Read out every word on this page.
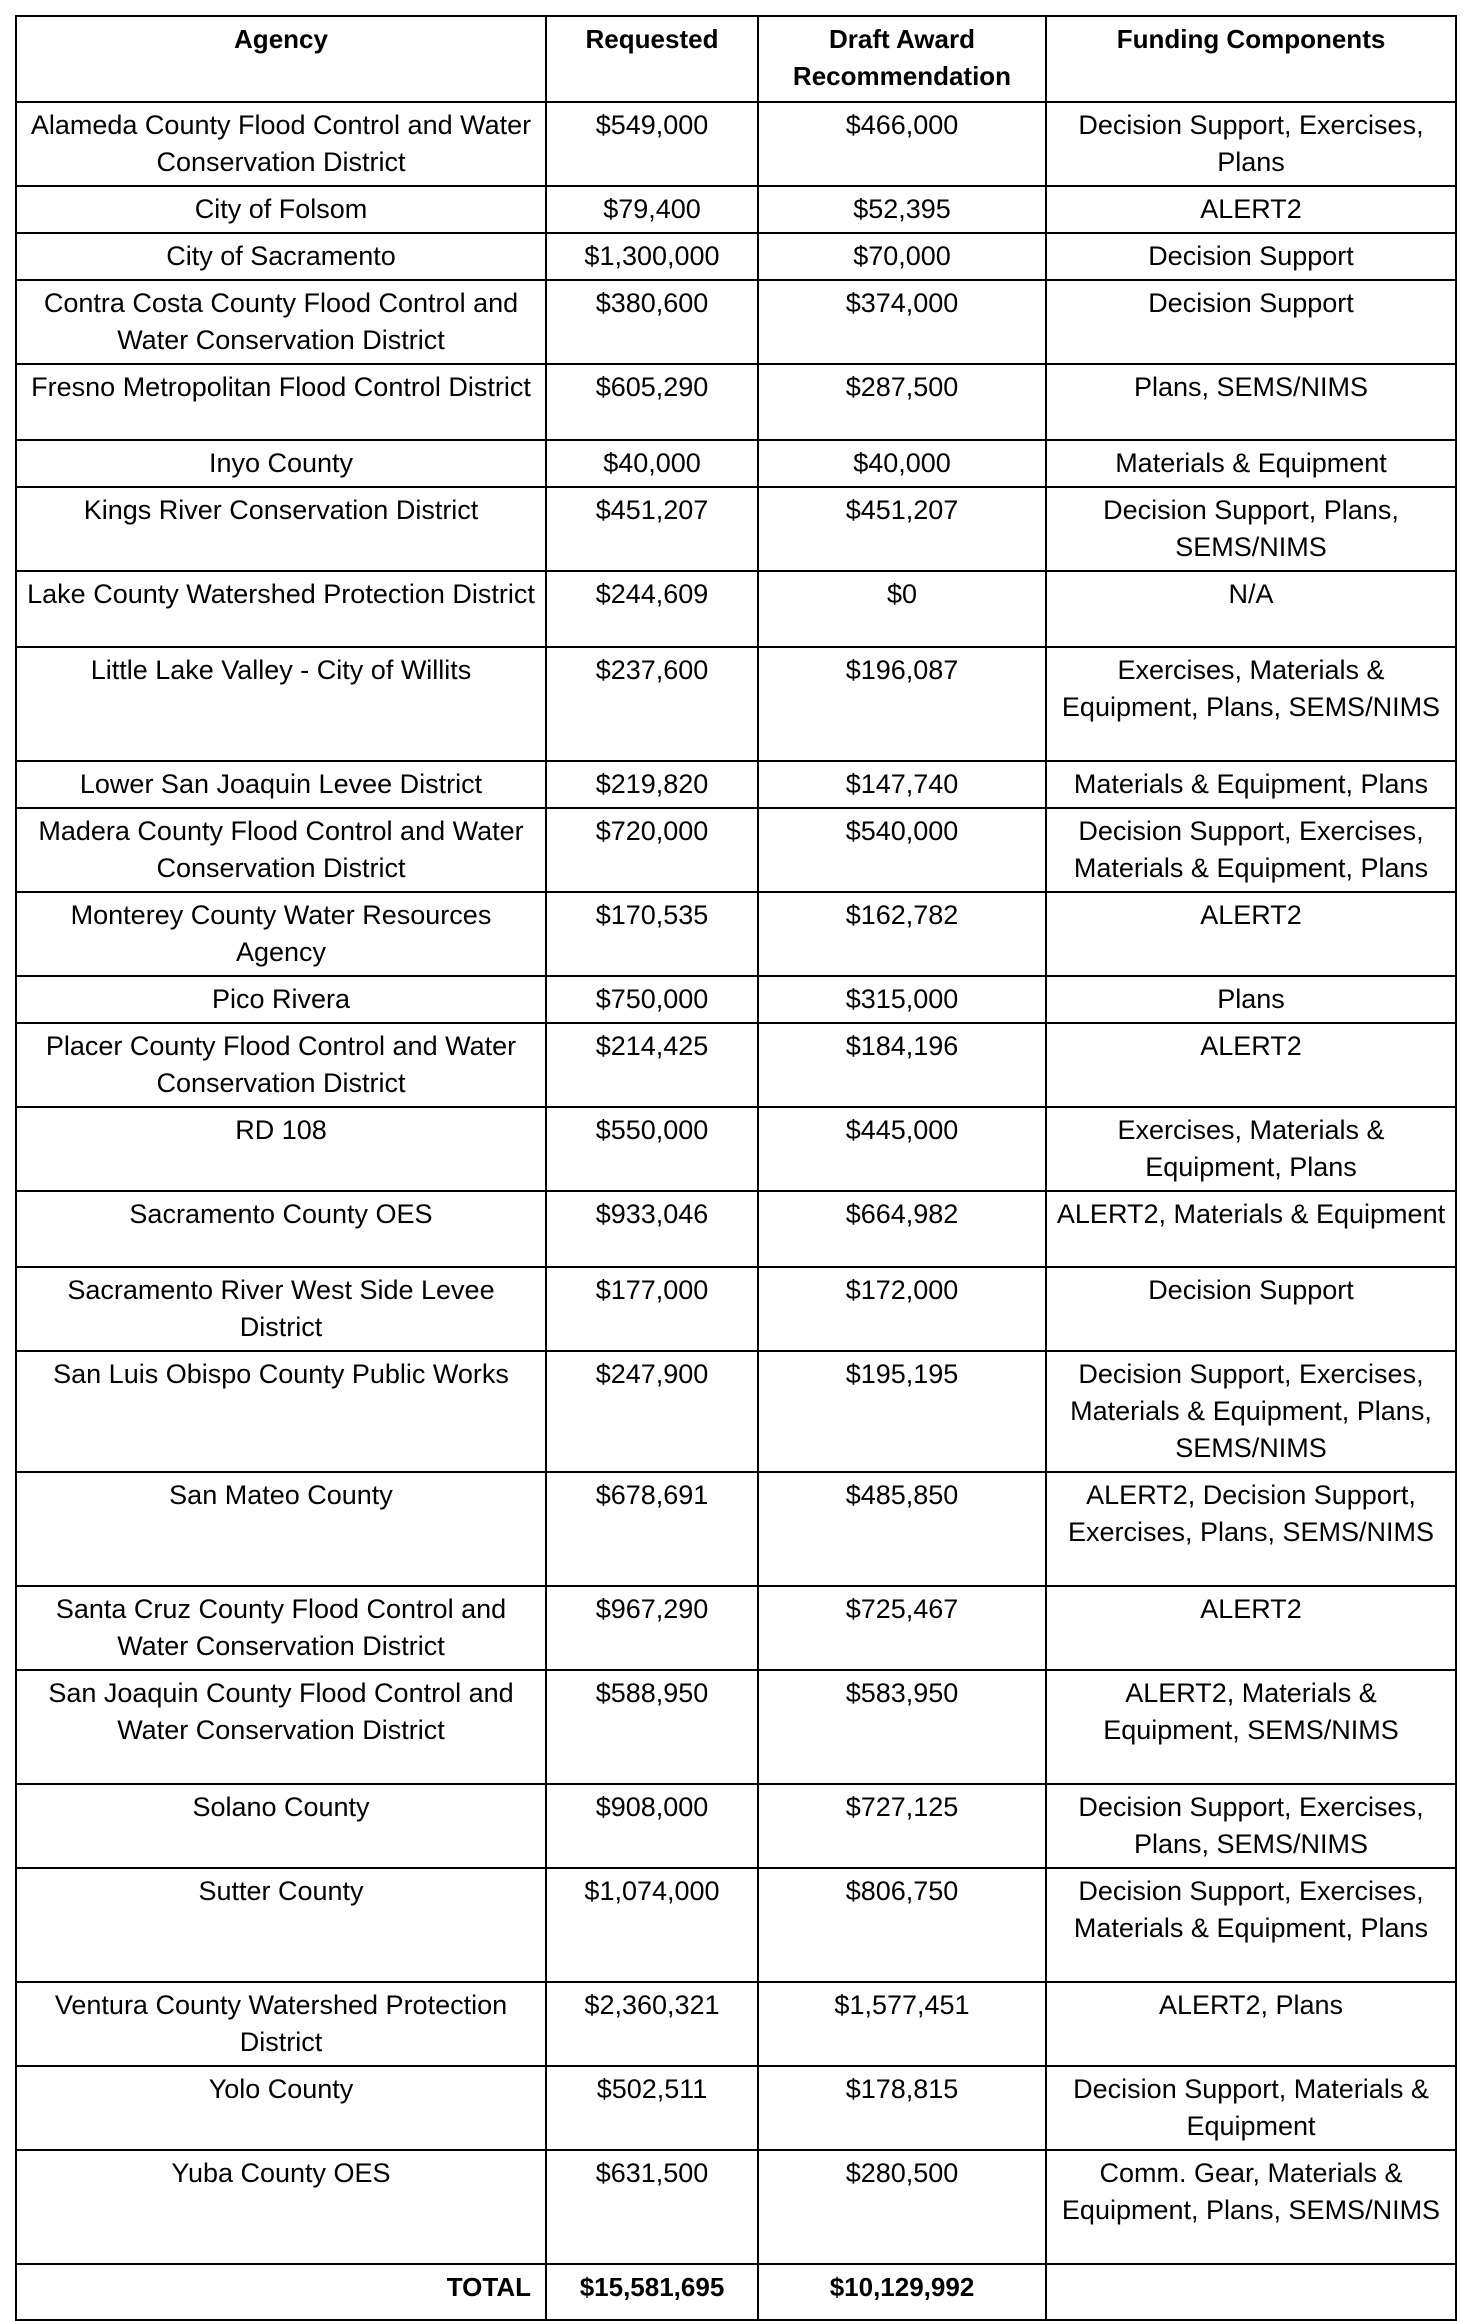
Agency	Requested	Draft Award Recommendation	Funding Components
Alameda County Flood Control and Water Conservation District	$549,000	$466,000	Decision Support, Exercises, Plans
City of Folsom	$79,400	$52,395	ALERT2
City of Sacramento	$1,300,000	$70,000	Decision Support
Contra Costa County Flood Control and Water Conservation District	$380,600	$374,000	Decision Support
Fresno Metropolitan Flood Control District	$605,290	$287,500	Plans, SEMS/NIMS
Inyo County	$40,000	$40,000	Materials & Equipment
Kings River Conservation District	$451,207	$451,207	Decision Support, Plans, SEMS/NIMS
Lake County Watershed Protection District	$244,609	$0	N/A
Little Lake Valley - City of Willits	$237,600	$196,087	Exercises, Materials & Equipment, Plans, SEMS/NIMS
Lower San Joaquin Levee District	$219,820	$147,740	Materials & Equipment, Plans
Madera County Flood Control and Water Conservation District	$720,000	$540,000	Decision Support, Exercises, Materials & Equipment, Plans
Monterey County Water Resources Agency	$170,535	$162,782	ALERT2
Pico Rivera	$750,000	$315,000	Plans
Placer County Flood Control and Water Conservation District	$214,425	$184,196	ALERT2
RD 108	$550,000	$445,000	Exercises, Materials & Equipment, Plans
Sacramento County OES	$933,046	$664,982	ALERT2, Materials & Equipment
Sacramento River West Side Levee District	$177,000	$172,000	Decision Support
San Luis Obispo County Public Works	$247,900	$195,195	Decision Support, Exercises, Materials & Equipment, Plans, SEMS/NIMS
San Mateo County	$678,691	$485,850	ALERT2, Decision Support, Exercises, Plans, SEMS/NIMS
Santa Cruz County Flood Control and Water Conservation District	$967,290	$725,467	ALERT2
San Joaquin County Flood Control and Water Conservation District	$588,950	$583,950	ALERT2, Materials & Equipment, SEMS/NIMS
Solano County	$908,000	$727,125	Decision Support, Exercises, Plans, SEMS/NIMS
Sutter County	$1,074,000	$806,750	Decision Support, Exercises, Materials & Equipment, Plans
Ventura County Watershed Protection District	$2,360,321	$1,577,451	ALERT2, Plans
Yolo County	$502,511	$178,815	Decision Support, Materials & Equipment
Yuba County OES	$631,500	$280,500	Comm. Gear, Materials & Equipment, Plans, SEMS/NIMS
TOTAL	$15,581,695	$10,129,992	
